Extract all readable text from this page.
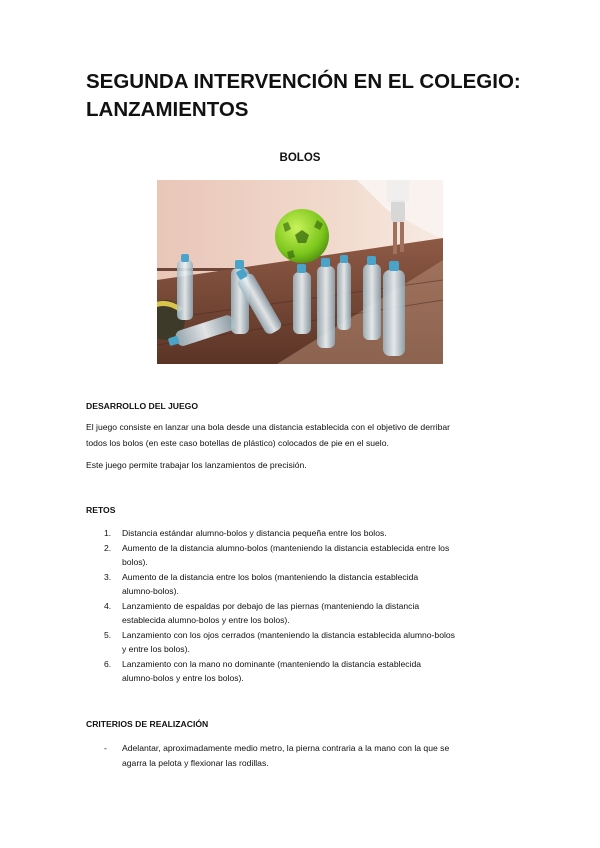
SEGUNDA INTERVENCIÓN EN EL COLEGIO:
LANZAMIENTOS
BOLOS
DESARROLLO DEL JUEGO
El juego consiste en lanzar una bola desde una distancia establecida con el objetivo de derribar
todos los bolos (en este caso botellas de plástico) colocados de pie en el suelo.
Este juego permite trabajar los lanzamientos de precisión.
RETOS
1. Distancia estándar alumno-bolos y distancia pequeña entre los bolos.
2. Aumento de la distancia alumno-bolos (manteniendo la distancia establecida entre los
bolos).
3. Aumento de la distancia entre los bolos (manteniendo la distancia establecida
alumno-bolos).
4. Lanzamiento de espaldas por debajo de las piernas (manteniendo la distancia
establecida alumno-bolos y entre los bolos).
5. Lanzamiento con los ojos cerrados (manteniendo la distancia establecida alumno-bolos
y entre los bolos).
6. Lanzamiento con la mano no dominante (manteniendo la distancia establecida
alumno-bolos y entre los bolos).
CRITERIOS DE REALIZACIÓN
- Adelantar, aproximadamente medio metro, la pierna contraria a la mano con la que se
agarra la pelota y flexionar las rodillas.
